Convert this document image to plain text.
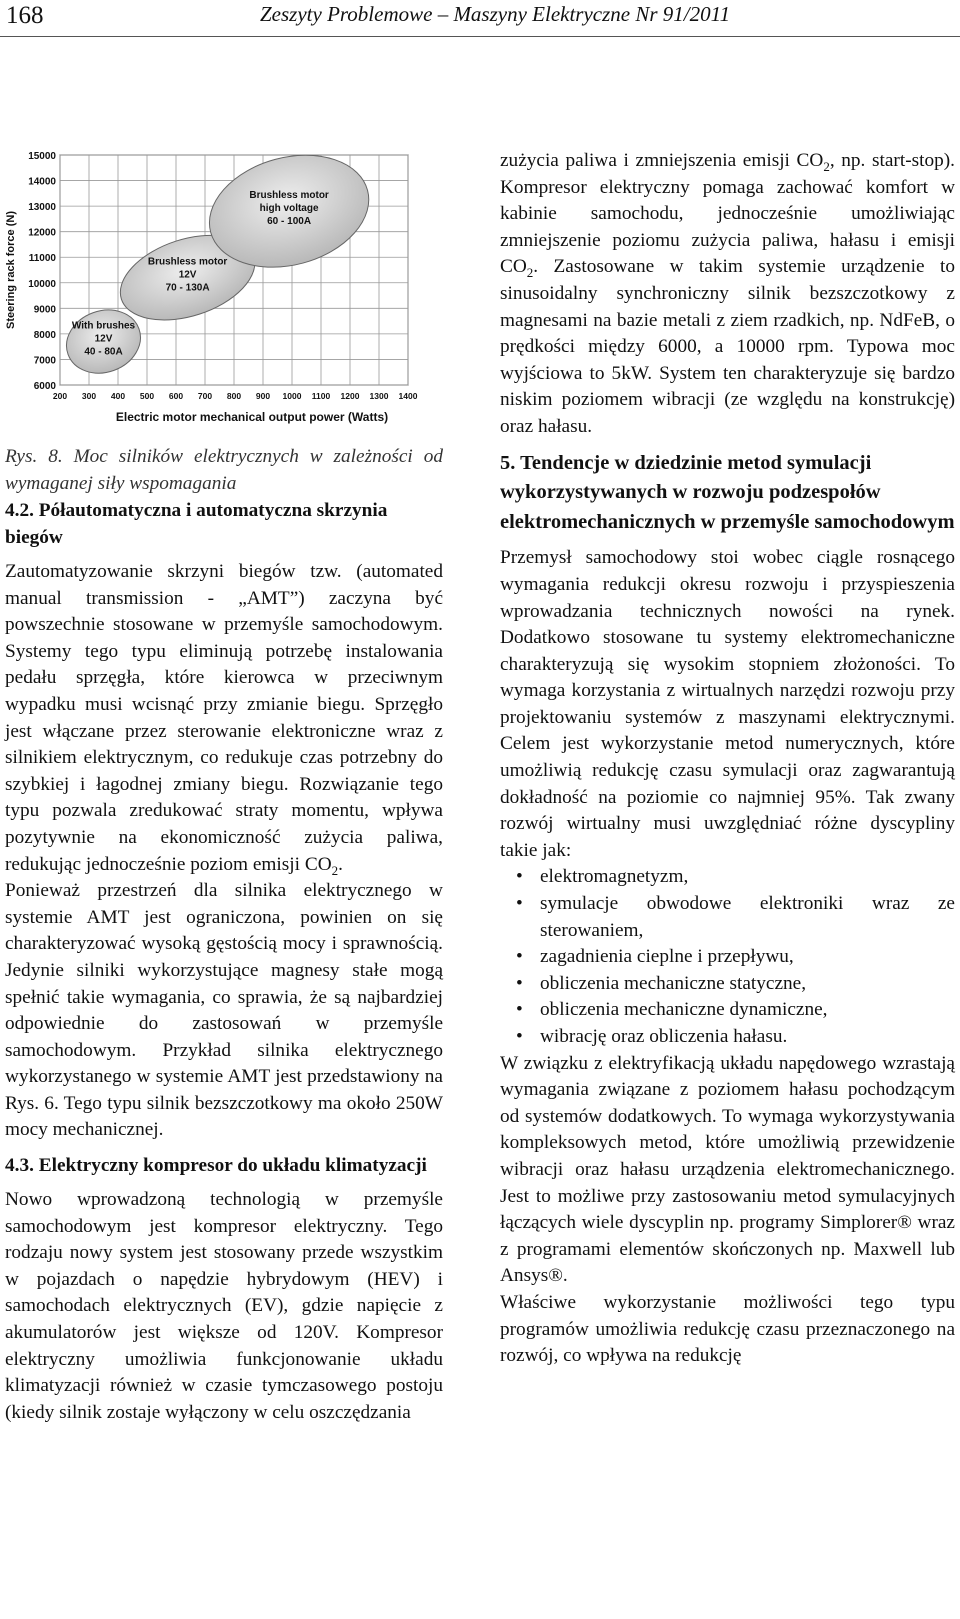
168	Zeszyty Problemowe – Maszyny Elektryczne Nr 91/2011
With brushes
12V
40 - 80A
Brushless motor
12V
70 - 130A
Brushless motor
high voltage
60 - 100A
6000
7000
8000
9000
10000
11000
12000
13000
14000
15000
200 300 400 500 600 700 800 900 1000 1100 1200 1300 1400
Steering rack force (N)
Electric motor mechanical output power (Watts)
Rys. 8. Moc silników elektrycznych w zależności od wymaganej siły wspomagania
4.2. Półautomatyczna i automatyczna skrzynia biegów

Zautomatyzowanie skrzyni biegów tzw. (automated manual transmission - „AMT”) zaczyna być powszechnie stosowane w przemyśle samochodowym. Systemy tego typu eliminują potrzebę instalowania pedału sprzęgła, które kierowca w przeciwnym wypadku musi wcisnąć przy zmianie biegu. Sprzęgło jest włączane przez sterowanie elektroniczne wraz z silnikiem elektrycznym, co redukuje czas potrzebny do szybkiej i łagodnej zmiany biegu. Rozwiązanie tego typu pozwala zredukować straty momentu, wpływa pozytywnie na ekonomiczność zużycia paliwa, redukując jednocześnie poziom emisji $CO_2$.

Ponieważ przestrzeń dla silnika elektrycznego w systemie AMT jest ograniczona, powinien on się charakteryzować wysoką gęstością mocy i sprawnością. Jedynie silniki wykorzystujące magnesy stałe mogą spełnić takie wymagania, co sprawia, że są najbardziej odpowiednie do zastosowań w przemyśle samochodowym. Przykład silnika elektrycznego wykorzystanego w systemie AMT jest przedstawiony na Rys. 6. Tego typu silnik bezszczotkowy ma około 250W mocy mechanicznej.

4.3. Elektryczny kompresor do układu klimatyzacji

Nowo wprowadzoną technologią w przemyśle samochodowym jest kompresor elektryczny. Tego rodzaju nowy system jest stosowany przede wszystkim w pojazdach o napędzie hybrydowym (HEV) i samochodach elektrycznych (EV), gdzie napięcie z akumulatorów jest większe od 120V. Kompresor elektryczny umożliwia funkcjonowanie układu klimatyzacji również w czasie tymczasowego postoju (kiedy silnik zostaje wyłączony w celu oszczędzania

zużycia paliwa i zmniejszenia emisji $CO_2$, np. start-stop). Kompresor elektryczny pomaga zachować komfort w kabinie samochodu, jednocześnie umożliwiając zmniejszenie poziomu zużycia paliwa, hałasu i emisji $CO_2$. Zastosowane w takim systemie urządzenie to sinusoidalny synchroniczny silnik bezszczotkowy z magnesami na bazie metali z ziem rzadkich, np. NdFeB, o prędkości między 6000, a 10000 rpm. Typowa moc wyjściowa to 5kW. System ten charakteryzuje się bardzo niskim poziomem wibracji (ze względu na konstrukcję) oraz hałasu.

5. Tendencje w dziedzinie metod symulacji wykorzystywanych w rozwoju podzespołów elektromechanicznych w przemyśle samochodowym

Przemysł samochodowy stoi wobec ciągle rosnącego wymagania redukcji okresu rozwoju i przyspieszenia wprowadzania technicznych nowości na rynek. Dodatkowo stosowane tu systemy elektromechaniczne charakteryzują się wysokim stopniem złożoności. To wymaga korzystania z wirtualnych narzędzi rozwoju przy projektowaniu systemów z maszynami elektrycznymi. Celem jest wykorzystanie metod numerycznych, które umożliwią redukcję czasu symulacji oraz zagwarantują dokładność na poziomie co najmniej 95%. Tak zwany rozwój wirtualny musi uwzględniać różne dyscypliny takie jak:

• elektromagnetyzm,
• symulacje obwodowe elektroniki wraz ze sterowaniem,
• zagadnienia cieplne i przepływu,
• obliczenia mechaniczne statyczne,
• obliczenia mechaniczne dynamiczne,
• wibrację oraz obliczenia hałasu.

W związku z elektryfikacją układu napędowego wzrastają wymagania związane z poziomem hałasu pochodzącym od systemów dodatkowych. To wymaga wykorzystywania kompleksowych metod, które umożliwią przewidzenie wibracji oraz hałasu urządzenia elektromechanicznego. Jest to możliwe przy zastosowaniu metod symulacyjnych łączących wiele dyscyplin np. programy Simplorer® wraz z programami elementów skończonych np. Maxwell lub Ansys®.

Właściwe wykorzystanie możliwości tego typu programów umożliwia redukcję czasu przeznaczonego na rozwój, co wpływa na redukcję
